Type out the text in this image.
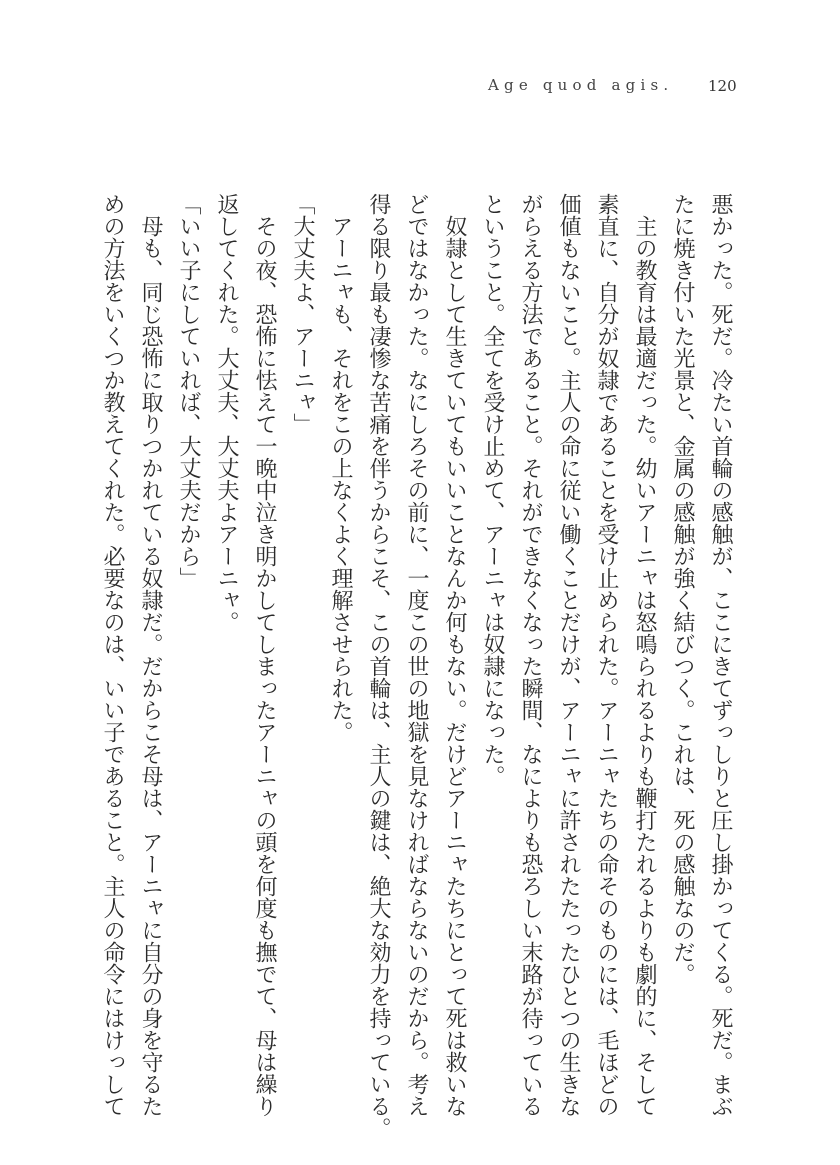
Age quod agis. 120
悪かった。死だ。冷たい首輪の感触が、ここにきてずっしりと圧し掛かってくる。死だ。まぶ
たに焼き付いた光景と、金属の感触が強く結びつく。これは、死の感触なのだ。
　主の教育は最適だった。幼いアーニャは怒鳴られるよりも鞭打たれるよりも劇的に、そして
素直に、自分が奴隷であることを受け止められた。アーニャたちの命そのものには、毛ほどの
価値もないこと。主人の命に従い働くことだけが、アーニャに許されたたったひとつの生きな
がらえる方法であること。それができなくなった瞬間、なによりも恐ろしい末路が待っている
ということ。全てを受け止めて、アーニャは奴隷になった。
　奴隷として生きていてもいいことなんか何もない。だけどアーニャたちにとって死は救いな
どではなかった。なにしろその前に、一度この世の地獄を見なければならないのだから。考え
得る限り最も凄惨な苦痛を伴うからこそ、この首輪は、主人の鍵は、絶大な効力を持っている。
　アーニャも、それをこの上なくよく理解させられた。
「大丈夫よ、アーニャ」
　その夜、恐怖に怯えて一晩中泣き明かしてしまったアーニャの頭を何度も撫でて、母は繰り
返してくれた。大丈夫、大丈夫よアーニャ。
「いい子にしていれば、大丈夫だから」
　母も、同じ恐怖に取りつかれている奴隷だ。だからこそ母は、アーニャに自分の身を守るた
めの方法をいくつか教えてくれた。必要なのは、いい子であること。主人の命令にはけっして
